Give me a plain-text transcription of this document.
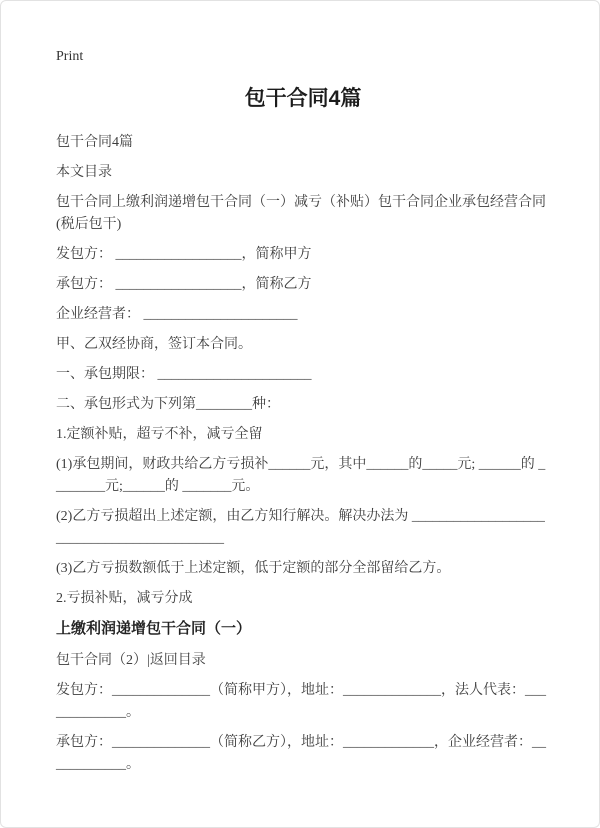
Print
包干合同4篇

包干合同4篇

本文目录

包干合同上缴利润递增包干合同（一）减亏（补贴）包干合同企业承包经营合同(税后包干)

发包方： __________________，简称甲方

承包方： __________________，简称乙方

企业经营者： ______________________

甲、乙双经协商，签订本合同。

一、承包期限： ______________________

二、承包形式为下列第________种：

1.定额补贴，超亏不补，减亏全留

(1)承包期间，财政共给乙方亏损补______元，其中______的_____元; ______的 ________元;______的 _______元。

(2)乙方亏损超出上述定额，由乙方知行解决。解决办法为 ___________________________________________

(3)乙方亏损数额低于上述定额，低于定额的部分全部留给乙方。

2.亏损补贴，减亏分成

上缴利润递增包干合同（一）

包干合同（2）|返回目录

发包方：______________（简称甲方），地址：______________，法人代表：_____________。

承包方：______________（简称乙方），地址：_____________，企业经营者：____________。
